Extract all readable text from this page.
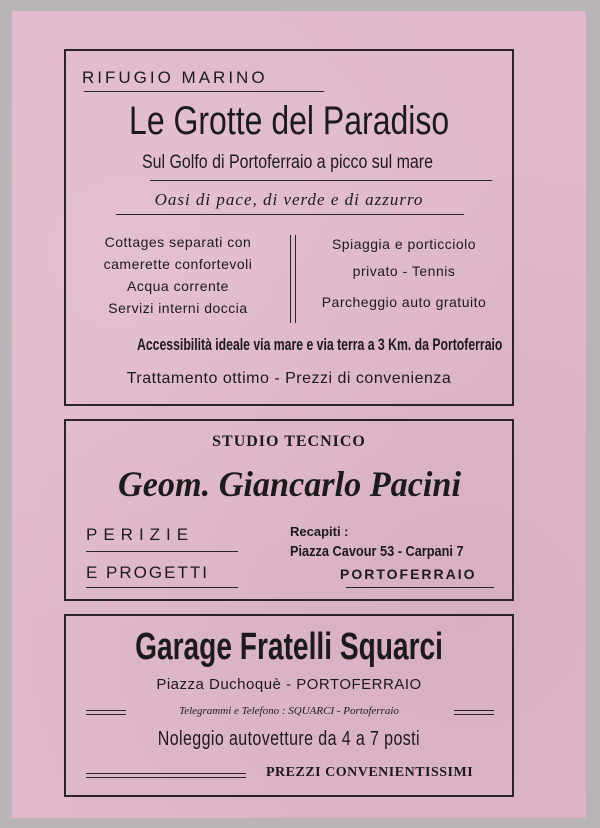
RIFUGIO MARINO
Le Grotte del Paradiso
Sul Golfo di Portoferraio a picco sul mare
Oasi di pace, di verde e di azzurro
Cottages separati con
camerette confortevoli
Acqua corrente
Servizi interni doccia
Spiaggia e porticciolo
privato - Tennis
Parcheggio auto gratuito
Accessibilità ideale via mare e via terra a 3 Km. da Portoferraio
Trattamento ottimo - Prezzi di convenienza
STUDIO TECNICO
Geom. Giancarlo Pacini
PERIZIE
E PROGETTI
Recapiti :
Piazza Cavour 53 - Carpani 7
PORTOFERRAIO
Garage Fratelli Squarci
Piazza Duchoquè - PORTOFERRAIO
Telegrammi e Telefono : SQUARCI - Portoferraio
Noleggio autovetture da 4 a 7 posti
PREZZI CONVENIENTISSIMI
